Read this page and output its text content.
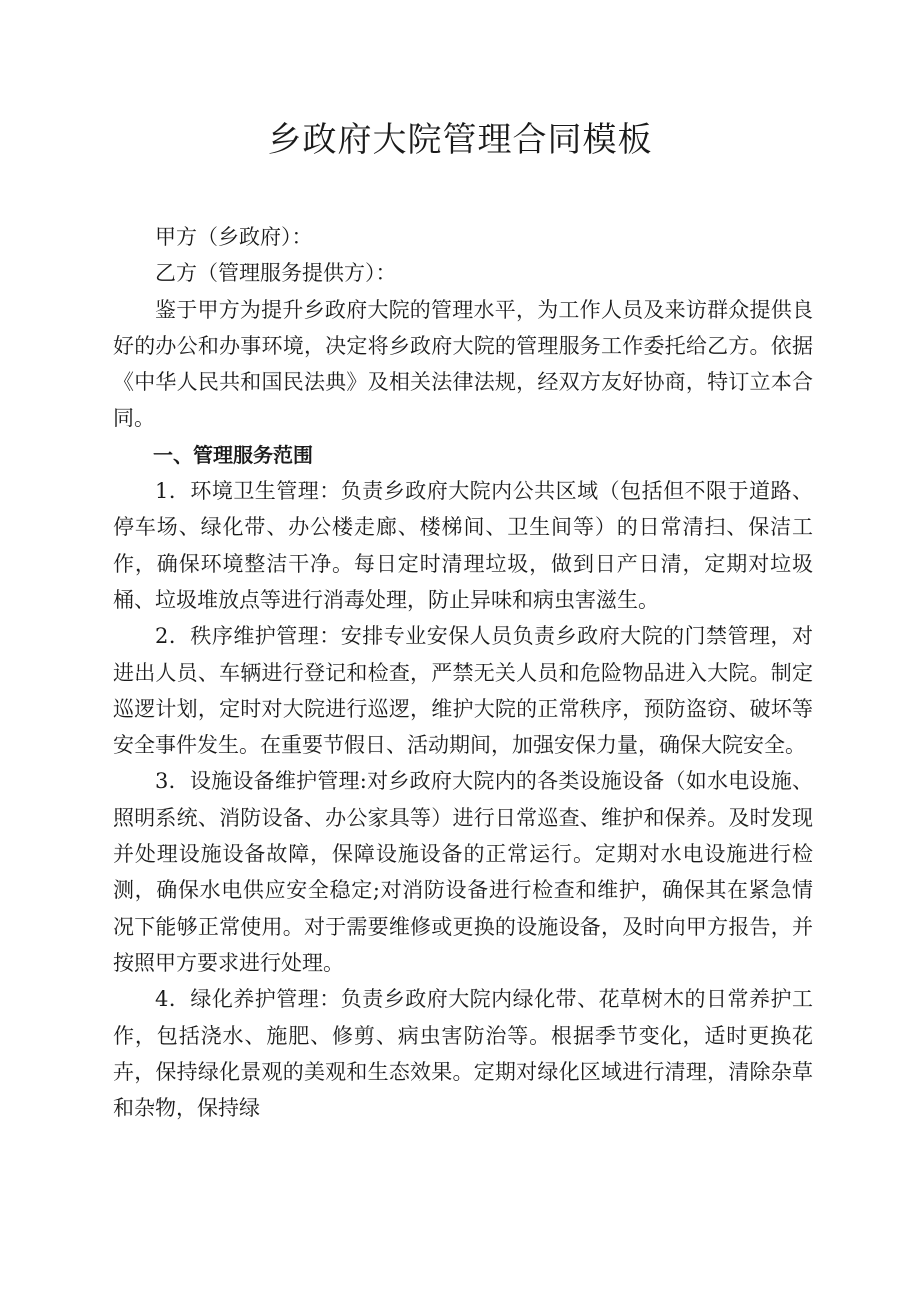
乡政府大院管理合同模板

甲方（乡政府）：

乙方（管理服务提供方）：

鉴于甲方为提升乡政府大院的管理水平，为工作人员及来访群众提供良好的办公和办事环境，决定将乡政府大院的管理服务工作委托给乙方。依据《中华人民共和国民法典》及相关法律法规，经双方友好协商，特订立本合同。

一、管理服务范围

1．环境卫生管理：负责乡政府大院内公共区域（包括但不限于道路、停车场、绿化带、办公楼走廊、楼梯间、卫生间等）的日常清扫、保洁工作，确保环境整洁干净。每日定时清理垃圾，做到日产日清，定期对垃圾桶、垃圾堆放点等进行消毒处理，防止异味和病虫害滋生。

2．秩序维护管理：安排专业安保人员负责乡政府大院的门禁管理，对进出人员、车辆进行登记和检查，严禁无关人员和危险物品进入大院。制定巡逻计划，定时对大院进行巡逻，维护大院的正常秩序，预防盗窃、破坏等安全事件发生。在重要节假日、活动期间，加强安保力量，确保大院安全。

3．设施设备维护管理:对乡政府大院内的各类设施设备（如水电设施、照明系统、消防设备、办公家具等）进行日常巡查、维护和保养。及时发现并处理设施设备故障，保障设施设备的正常运行。定期对水电设施进行检测，确保水电供应安全稳定;对消防设备进行检查和维护，确保其在紧急情况下能够正常使用。对于需要维修或更换的设施设备，及时向甲方报告，并按照甲方要求进行处理。

4．绿化养护管理：负责乡政府大院内绿化带、花草树木的日常养护工作，包括浇水、施肥、修剪、病虫害防治等。根据季节变化，适时更换花卉，保持绿化景观的美观和生态效果。定期对绿化区域进行清理，清除杂草和杂物，保持绿
